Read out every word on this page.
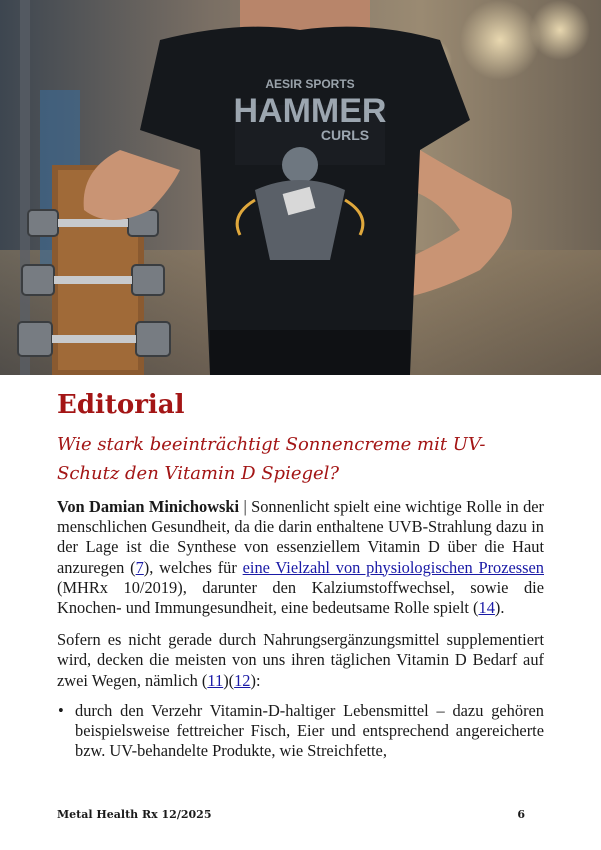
AESIR SPORTS
HAMMER
CURLS
Editorial
Wie stark beeinträchtigt Sonnencreme mit UV-Schutz den Vitamin D Spiegel?

Von Damian Minichowski | Sonnenlicht spielt eine wichtige Rolle in der menschlichen Gesundheit, da die darin enthaltene UVB-Strahlung dazu in der Lage ist die Synthese von essenziellem Vitamin D über die Haut anzuregen (7), welches für eine Vielzahl von physiologischen Prozessen (MHRx 10/2019), darunter den Kalziumstoffwechsel, sowie die Knochen- und Immungesundheit, eine bedeutsame Rolle spielt (14).

Sofern es nicht gerade durch Nahrungsergänzungsmittel supplementiert wird, decken die meisten von uns ihren täglichen Vitamin D Bedarf auf zwei Wegen, nämlich (11)(12):

• durch den Verzehr Vitamin-D-haltiger Lebensmittel – dazu gehören beispielsweise fettreicher Fisch, Eier und entsprechend angereicherte bzw. UV-behandelte Produkte, wie Streichfette,
Metal Health Rx 12/2025	6
